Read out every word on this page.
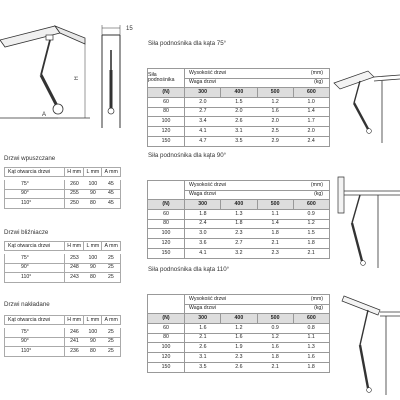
15
H
A
Drzwi wpuszczane
Kąt otwarcia drzwi	H mm	L mm	A mm

75°	260	100	45
90°	255	90	45
110°	250	80	45
Drzwi bliźniacze
Kąt otwarcia drzwi	H mm	L mm	A mm

75°	253	100	25
90°	248	90	25
110°	243	80	25
Drzwi nakładane
Kąt otwarcia drzwi	H mm	L mm	A mm

75°	246	100	25
90°	241	90	25
110°	236	80	25
Siła podnośnika dla kąta 75°
Siła podnośnika	Wysokość drzwi (mm)			

	Waga drzwi (kg)			

(N)	300	400	500	600
60	2.0	1.5	1.2	1.0
80	2.7	2.0	1.6	1.4
100	3.4	2.6	2.0	1.7
120	4.1	3.1	2.5	2.0
150	4.7	3.5	2.9	2.4
Siła podnośnika dla kąta 90°
	Wysokość drzwi (mm)			

	Waga drzwi (kg)			

(N)	300	400	500	600
60	1.8	1.3	1.1	0.9
80	2.4	1.8	1.4	1.2
100	3.0	2.3	1.8	1.5
120	3.6	2.7	2.1	1.8
150	4.1	3.2	2.3	2.1
Siła podnośnika dla kąta 110°
	Wysokość drzwi (mm)			

	Waga drzwi (kg)			

(N)	300	400	500	600
60	1.6	1.2	0.9	0.8
80	2.1	1.6	1.2	1.1
100	2.6	1.9	1.6	1.3
120	3.1	2.3	1.8	1.6
150	3.5	2.6	2.1	1.8
